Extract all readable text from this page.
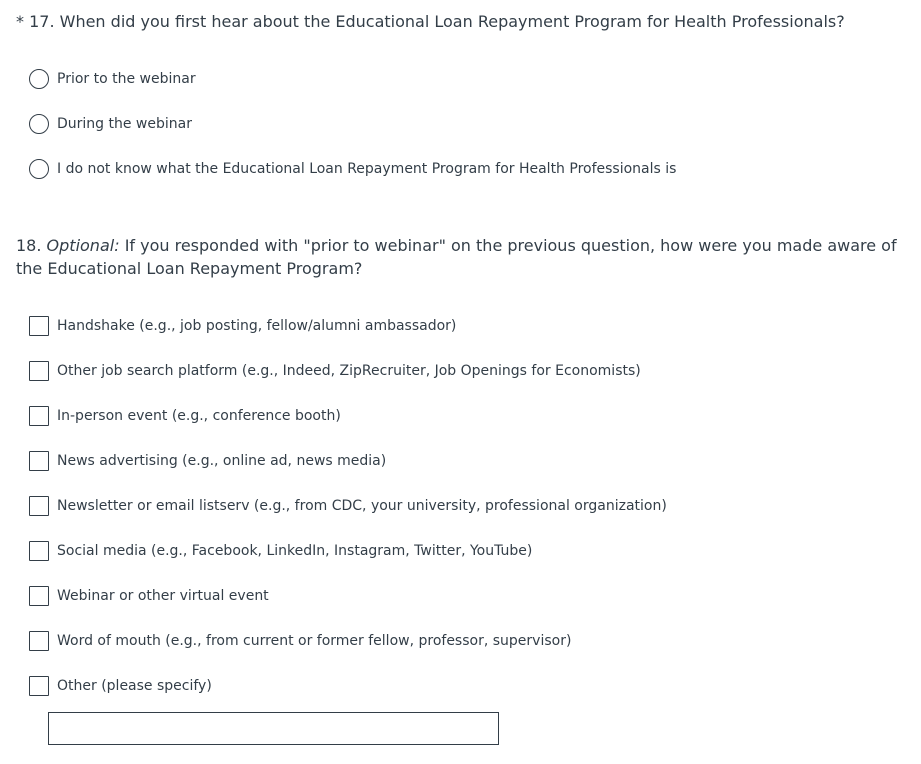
* 17. When did you first hear about the Educational Loan Repayment Program for Health Professionals?
Prior to the webinar
During the webinar
I do not know what the Educational Loan Repayment Program for Health Professionals is
18. Optional: If you responded with "prior to webinar" on the previous question, how were you made aware of the Educational Loan Repayment Program?
Handshake (e.g., job posting, fellow/alumni ambassador)
Other job search platform (e.g., Indeed, ZipRecruiter, Job Openings for Economists)
In-person event (e.g., conference booth)
News advertising (e.g., online ad, news media)
Newsletter or email listserv (e.g., from CDC, your university, professional organization)
Social media (e.g., Facebook, LinkedIn, Instagram, Twitter, YouTube)
Webinar or other virtual event
Word of mouth (e.g., from current or former fellow, professor, supervisor)
Other (please specify)
